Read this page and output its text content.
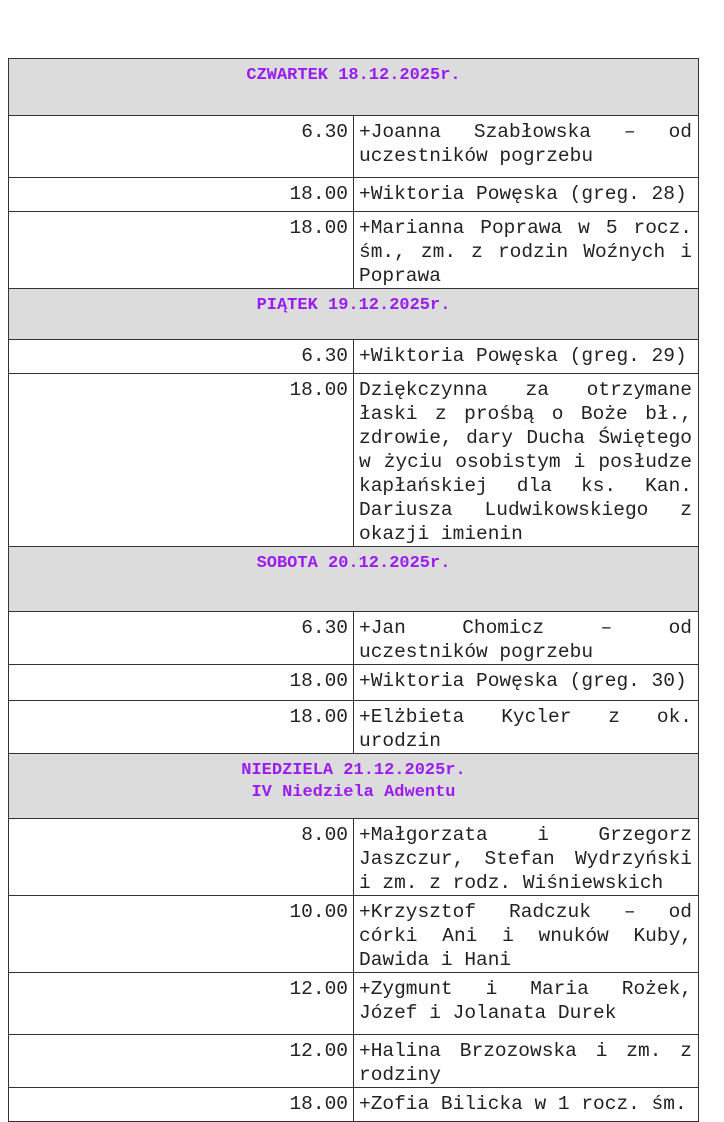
CZWARTEK 18.12.2025r.	
6.30	+Joanna Szabłowska – od uczestników pogrzebu
18.00	+Wiktoria Powęska (greg. 28)
18.00	+Marianna Poprawa w 5 rocz. śm., zm. z rodzin Woźnych i Poprawa
PIĄTEK 19.12.2025r.	
6.30	+Wiktoria Powęska (greg. 29)
18.00	Dziękczynna za otrzymane łaski z prośbą o Boże bł., zdrowie, dary Ducha Świętego w życiu osobistym i posłudze kapłańskiej dla ks. Kan. Dariusza Ludwikowskiego z okazji imienin
SOBOTA 20.12.2025r.	
6.30	+Jan Chomicz – od uczestników pogrzebu
18.00	+Wiktoria Powęska (greg. 30)
18.00	+Elżbieta Kycler z ok. urodzin

NIEDZIELA 21.12.2025r.
IV Niedziela Adwentu	

8.00	+Małgorzata i Grzegorz Jaszczur, Stefan Wydrzyński i zm. z rodz. Wiśniewskich
10.00	+Krzysztof Radczuk – od córki Ani i wnuków Kuby, Dawida i Hani
12.00	+Zygmunt i Maria Rożek, Józef i Jolanata Durek
12.00	+Halina Brzozowska i zm. z rodziny
18.00	+Zofia Bilicka w 1 rocz. śm.
